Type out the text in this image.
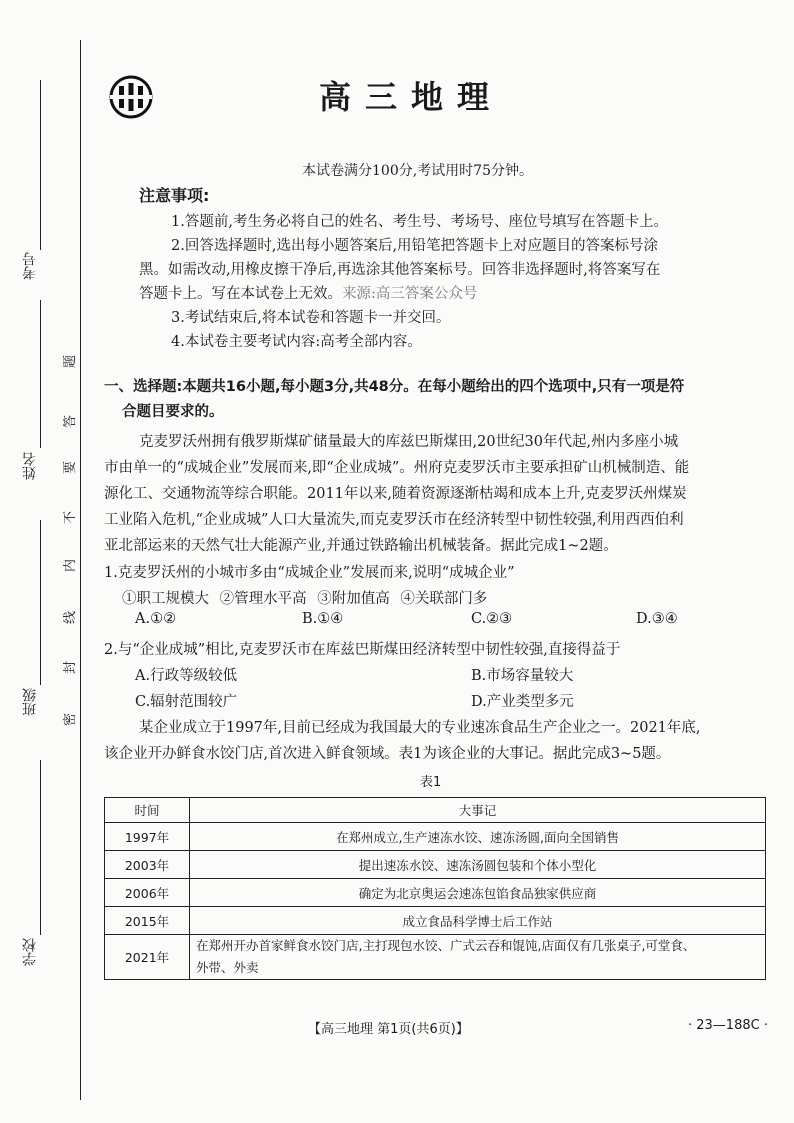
考号
姓名
班级
学校
题
答
要
不
内
线
封
密
高三地理
本试卷满分100分,考试用时75分钟。
注意事项:
1.答题前,考生务必将自己的姓名、考生号、考场号、座位号填写在答题卡上。
2.回答选择题时,选出每小题答案后,用铅笔把答题卡上对应题目的答案标号涂
黑。如需改动,用橡皮擦干净后,再选涂其他答案标号。回答非选择题时,将答案写在
答题卡上。写在本试卷上无效。来源:高三答案公众号
3.考试结束后,将本试卷和答题卡一并交回。
4.本试卷主要考试内容:高考全部内容。
一、选择题:本题共16小题,每小题3分,共48分。在每小题给出的四个选项中,只有一项是符
合题目要求的。
克麦罗沃州拥有俄罗斯煤矿储量最大的库兹巴斯煤田,20世纪30年代起,州内多座小城
市由单一的“成城企业”发展而来,即“企业成城”。州府克麦罗沃市主要承担矿山机械制造、能
源化工、交通物流等综合职能。2011年以来,随着资源逐渐枯竭和成本上升,克麦罗沃州煤炭
工业陷入危机,“企业成城”人口大量流失,而克麦罗沃市在经济转型中韧性较强,利用西西伯利
亚北部运来的天然气壮大能源产业,并通过铁路输出机械装备。据此完成1~2题。
1.克麦罗沃州的小城市多由“成城企业”发展而来,说明“成城企业”
①职工规模大 ②管理水平高 ③附加值高 ④关联部门多
A.①②	B.①④	C.②③	D.③④
2.与“企业成城”相比,克麦罗沃市在库兹巴斯煤田经济转型中韧性较强,直接得益于
A.行政等级较低	B.市场容量较大
C.辐射范围较广	D.产业类型多元
某企业成立于1997年,目前已经成为我国最大的专业速冻食品生产企业之一。2021年底,
该企业开办鲜食水饺门店,首次进入鲜食领域。表1为该企业的大事记。据此完成3~5题。
表1
时间	大事记
1997年	在郑州成立,生产速冻水饺、速冻汤圆,面向全国销售
2003年	提出速冻水饺、速冻汤圆包装和个体小型化
2006年	确定为北京奥运会速冻包馅食品独家供应商
2015年	成立食品科学博士后工作站
2021年	在郑州开办首家鲜食水饺门店,主打现包水饺、广式云吞和馄饨,店面仅有几张桌子,可堂食、
外带、外卖
【高三地理 第1页(共6页)】	· 23—188C ·
